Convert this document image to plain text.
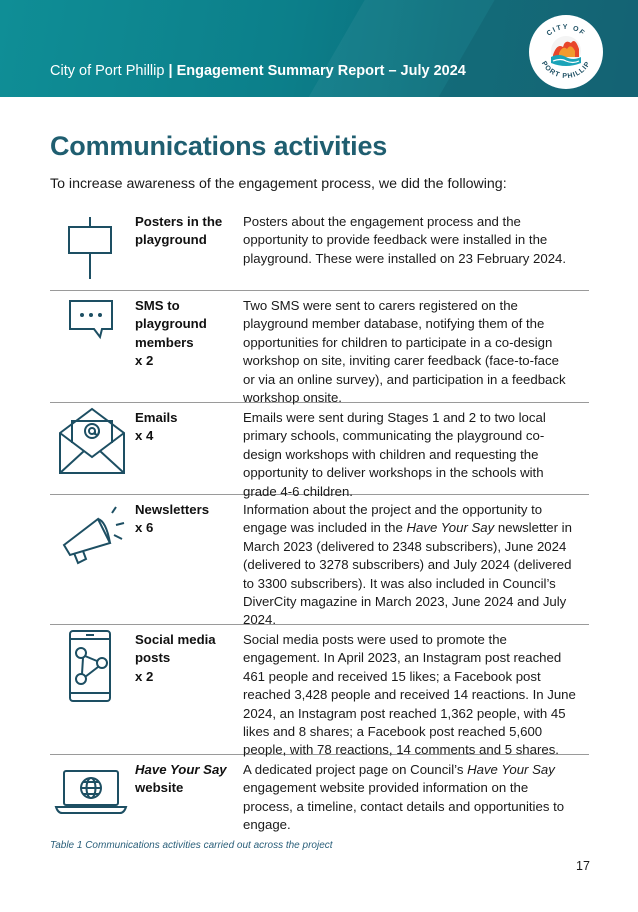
City of Port Phillip | Engagement Summary Report – July 2024
CITY OF
PORT PHILLIP
Communications activities
To increase awareness of the engagement process, we did the following:
Posters in the
playground
Posters about the engagement process and the
opportunity to provide feedback were installed in the
playground. These were installed on 23 February 2024.
SMS to
playground
members
x 2
Two SMS were sent to carers registered on the
playground member database, notifying them of the
opportunities for children to participate in a co-design
workshop on site, inviting carer feedback (face-to-face
or via an online survey), and participation in a feedback
workshop onsite.
Emails
x 4
Emails were sent during Stages 1 and 2 to two local
primary schools, communicating the playground co-
design workshops with children and requesting the
opportunity to deliver workshops in the schools with
grade 4-6 children.
Newsletters
x 6
Information about the project and the opportunity to
engage was included in the Have Your Say newsletter in
March 2023 (delivered to 2348 subscribers), June 2024
(delivered to 3278 subscribers) and July 2024 (delivered
to 3300 subscribers). It was also included in Council’s
DiverCity magazine in March 2023, June 2024 and July
2024.
Social media
posts
x 2
Social media posts were used to promote the
engagement. In April 2023, an Instagram post reached
461 people and received 15 likes; a Facebook post
reached 3,428 people and received 14 reactions. In June
2024, an Instagram post reached 1,362 people, with 45
likes and 8 shares; a Facebook post reached 5,600
people, with 78 reactions, 14 comments and 5 shares.
Have Your Say
website
A dedicated project page on Council’s Have Your Say
engagement website provided information on the
process, a timeline, contact details and opportunities to
engage.
Table 1 Communications activities carried out across the project
17
